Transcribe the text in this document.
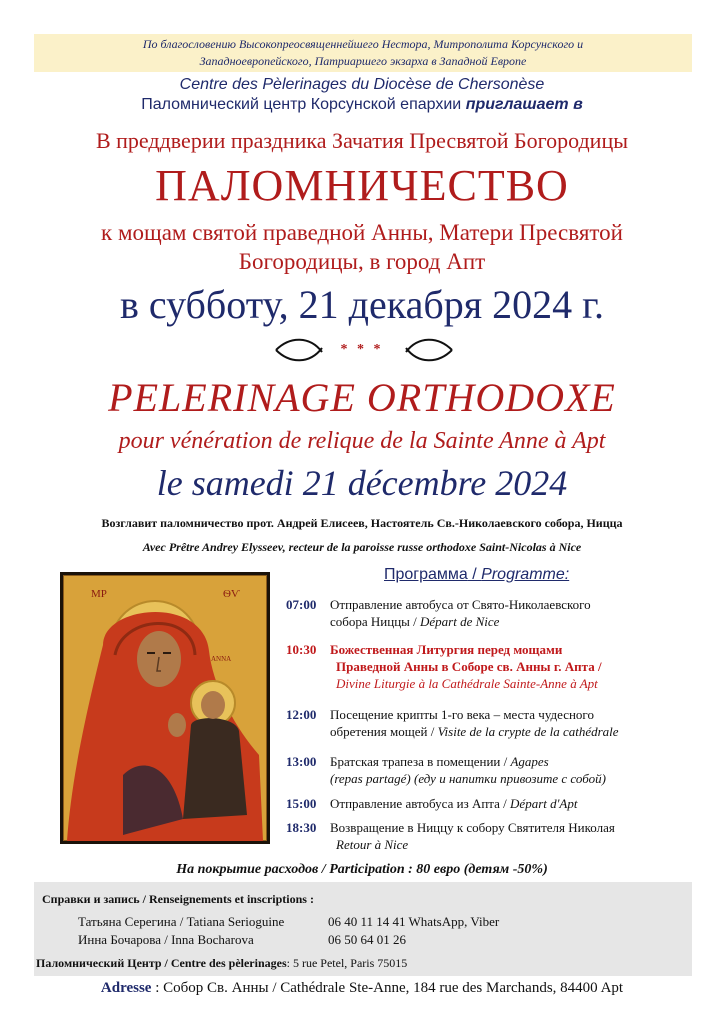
По благословению Высокопреосвященнейшего Нестора, Митрополита Корсунского и
Западноевропейского, Патриаршего экзарха в Западной Европе
Centre des Pèlerinages du Diocèse de Chersonèse
Паломнический центр Корсунской епархии приглашает в
В преддверии праздника Зачатия Пресвятой Богородицы
ПАЛОМНИЧЕСТВО
к мощам святой праведной Анны, Матери Пресвятой
Богородицы, в город Апт
в субботу, 21 декабря 2024 г.
* * *
PELERINAGE ORTHODOXE
pour vénération de relique de la Sainte Anne à Apt
le samedi 21 décembre 2024
Возглавит паломничество прот. Андрей Елисеев, Настоятель Св.-Николаевского собора, Ницца
Avec Prêtre Andrey Elysseev, recteur de la paroisse russe orthodoxe Saint-Nicolas à Nice
МР	ѲѴ
ΑΝΝΑ
Программа / Programme:
07:00 Отправление автобуса от Свято-Николаевского
собора Ниццы / Départ de Nice
10:30 Божественная Литургия перед мощами
Праведной Анны в Соборе св. Анны г. Апта /
Divine Liturgie à la Cathédrale Sainte-Anne à Apt
12:00 Посещение крипты 1-го века – места чудесного
обретения мощей / Visite de la crypte de la cathédrale
13:00 Братская трапеза в помещении / Agapes
(repas partagé) (еду и напитки привозите с собой)
15:00 Отправление автобуса из Апта / Départ d'Apt
18:30 Возвращение в Ниццу к собору Святителя Николая
Retour à Nice
На покрытие расходов / Participation : 80 евро (детям -50%)
Справки и запись / Renseignements et inscriptions :
Татьяна Серегина / Tatiana Serioguine	06 40 11 14 41 WhatsApp, Viber
Инна Бочарова / Inna Bocharova	06 50 64 01 26
Паломнический Центр / Centre des pèlerinages: 5 rue Petel, Paris 75015
Adresse : Собор Св. Анны / Cathédrale Ste-Anne, 184 rue des Marchands, 84400 Apt
